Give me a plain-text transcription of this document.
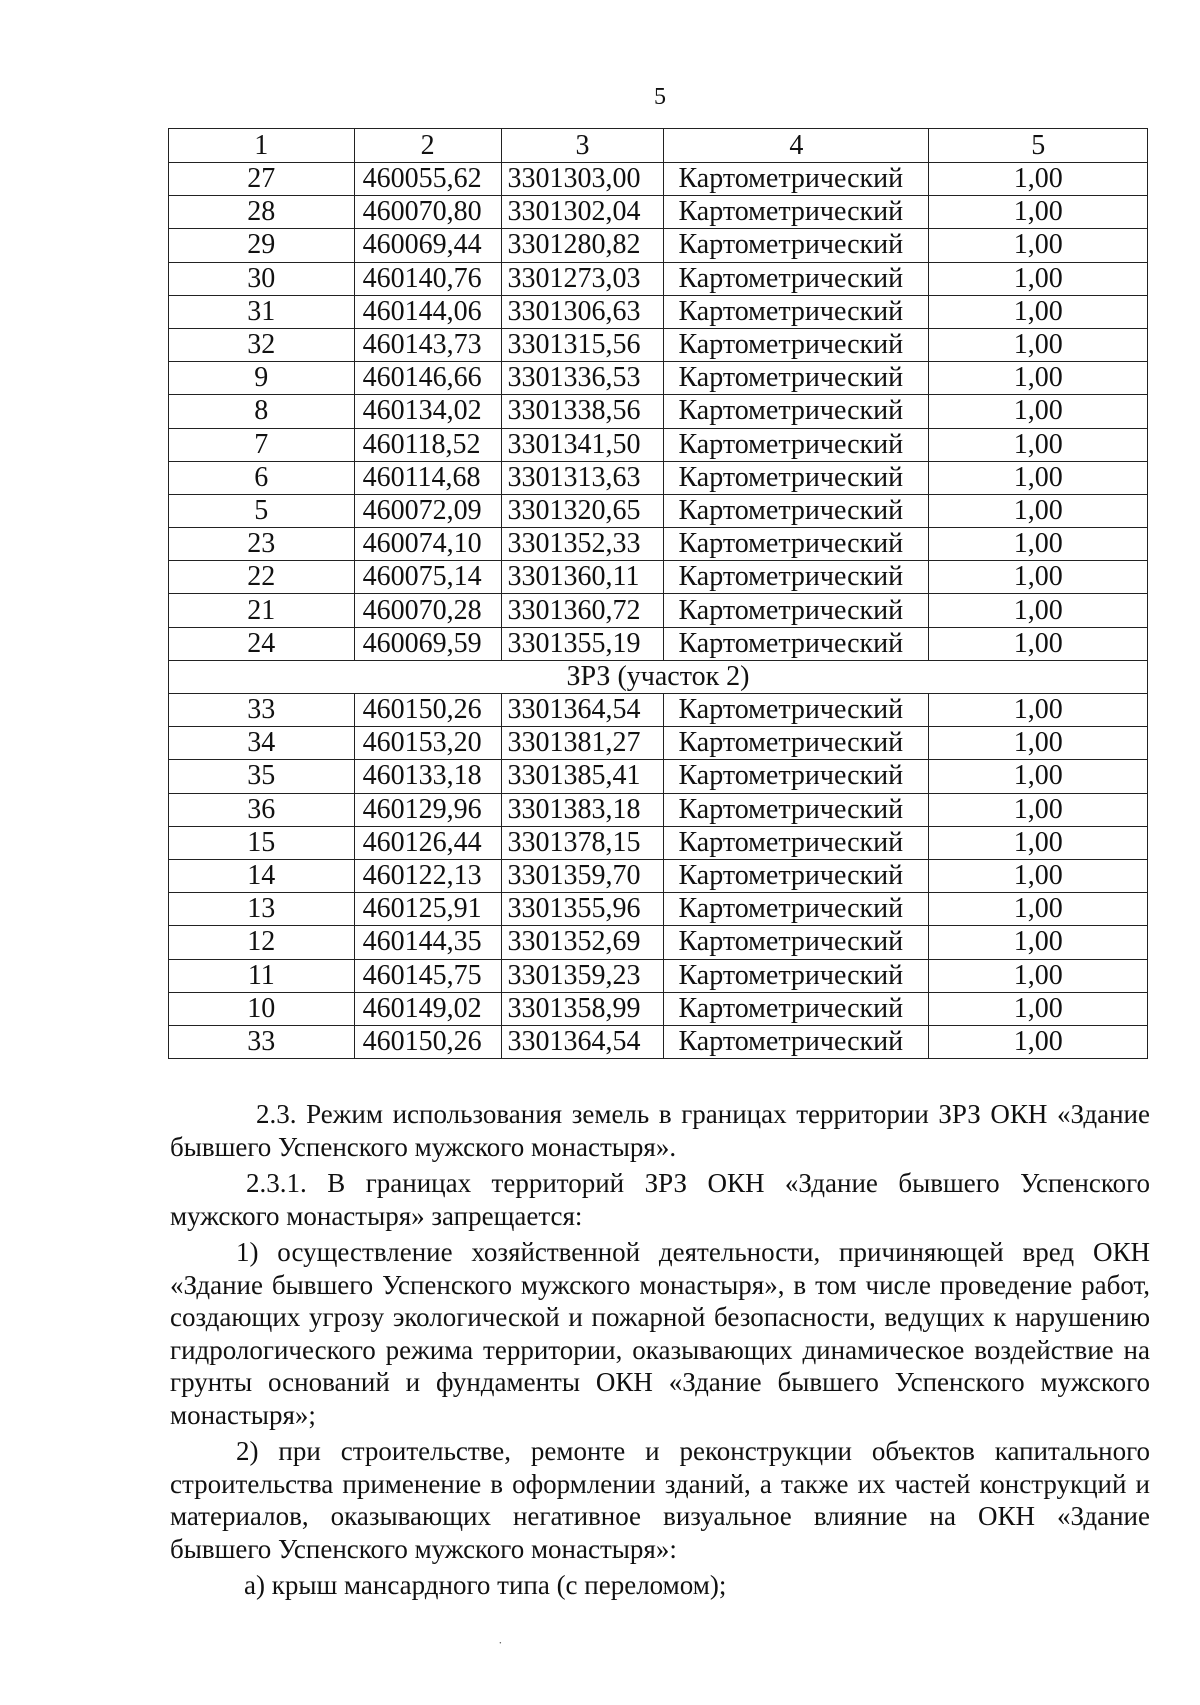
5
1	2	3	4	5
27	460055,62	3301303,00	Картометрический	1,00
28	460070,80	3301302,04	Картометрический	1,00
29	460069,44	3301280,82	Картометрический	1,00
30	460140,76	3301273,03	Картометрический	1,00
31	460144,06	3301306,63	Картометрический	1,00
32	460143,73	3301315,56	Картометрический	1,00
9	460146,66	3301336,53	Картометрический	1,00
8	460134,02	3301338,56	Картометрический	1,00
7	460118,52	3301341,50	Картометрический	1,00
6	460114,68	3301313,63	Картометрический	1,00
5	460072,09	3301320,65	Картометрический	1,00
23	460074,10	3301352,33	Картометрический	1,00
22	460075,14	3301360,11	Картометрический	1,00
21	460070,28	3301360,72	Картометрический	1,00
24	460069,59	3301355,19	Картометрический	1,00
ЗРЗ (участок 2)				
33	460150,26	3301364,54	Картометрический	1,00
34	460153,20	3301381,27	Картометрический	1,00
35	460133,18	3301385,41	Картометрический	1,00
36	460129,96	3301383,18	Картометрический	1,00
15	460126,44	3301378,15	Картометрический	1,00
14	460122,13	3301359,70	Картометрический	1,00
13	460125,91	3301355,96	Картометрический	1,00
12	460144,35	3301352,69	Картометрический	1,00
11	460145,75	3301359,23	Картометрический	1,00
10	460149,02	3301358,99	Картометрический	1,00
33	460150,26	3301364,54	Картометрический	1,00

2.3. Режим использования земель в границах территории ЗРЗ ОКН «Здание бывшего Успенского мужского монастыря».

2.3.1. В границах территорий ЗРЗ ОКН «Здание бывшего Успенского мужского монастыря» запрещается:

1) осуществление хозяйственной деятельности, причиняющей вред ОКН «Здание бывшего Успенского мужского монастыря», в том числе проведение работ, создающих угрозу экологической и пожарной безопасности, ведущих к нарушению гидрологического режима территории, оказывающих динамическое воздействие на грунты оснований и фундаменты ОКН «Здание бывшего Успенского мужского монастыря»;

2) при строительстве, ремонте и реконструкции объектов капитального строительства применение в оформлении зданий, а также их частей конструкций и материалов, оказывающих негативное визуальное влияние на ОКН «Здание бывшего Успенского мужского монастыря»:

а) крыш мансардного типа (с переломом);

˙
